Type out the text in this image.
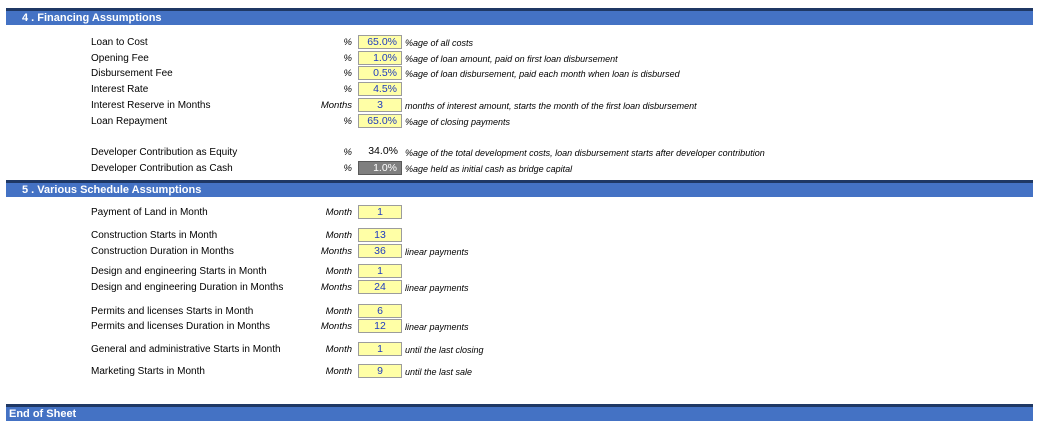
4 . Financing Assumptions
Loan to Cost	%	65.0% %age of all costs
Opening Fee	%	1.0% %age of loan amount, paid on first loan disbursement
Disbursement Fee	%	0.5% %age of loan disbursement, paid each month when loan is disbursed
Interest Rate	%	4.5%
Interest Reserve in Months	Months	3	months of interest amount, starts the month of the first loan disbursement
Loan Repayment	%	65.0% %age of closing payments
Developer Contribution as Equity	%	34.0% %age of the total development costs, loan disbursement starts after developer contribution
Developer Contribution as Cash	%	1.0% %age held as initial cash as bridge capital
5 . Various Schedule Assumptions
Payment of Land in Month	Month	1
Construction Starts in Month	Month	13
Construction Duration in Months	Months	36	linear payments
Design and engineering Starts in Month	Month	1
Design and engineering Duration in Months	Months	24	linear payments
Permits and licenses Starts in Month	Month	6
Permits and licenses Duration in Months	Months	12	linear payments
General and administrative Starts in Month	Month	1	until the last closing
Marketing Starts in Month	Month	9	until the last sale
End of Sheet
